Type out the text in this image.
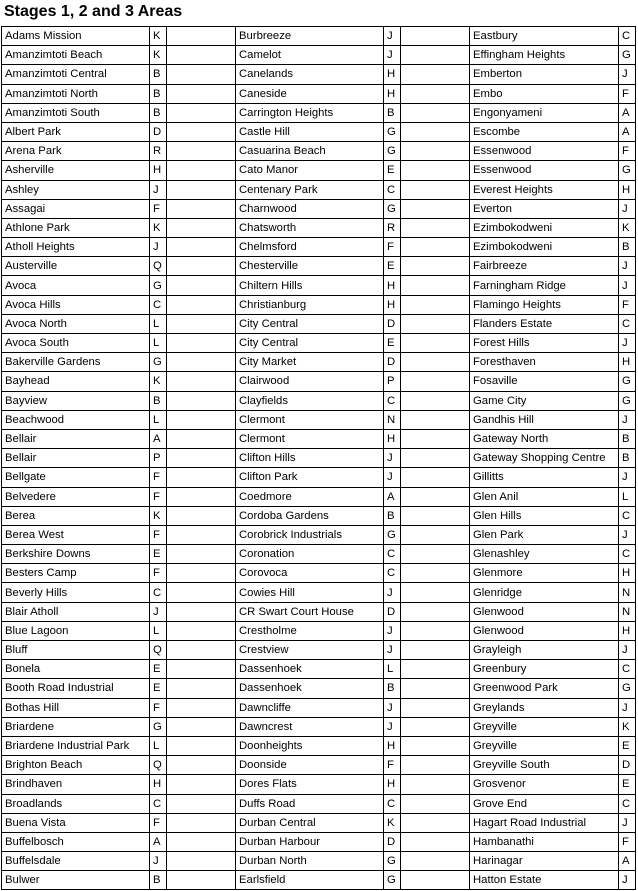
Stages 1, 2 and 3 Areas
Adams Mission	K		Burbreeze	J		Eastbury	C
Amanzimtoti Beach	K		Camelot	J		Effingham Heights	G
Amanzimtoti Central	B		Canelands	H		Emberton	J
Amanzimtoti North	B		Caneside	H		Embo	F
Amanzimtoti South	B		Carrington Heights	B		Engonyameni	A
Albert Park	D		Castle Hill	G		Escombe	A
Arena Park	R		Casuarina Beach	G		Essenwood	F
Asherville	H		Cato Manor	E		Essenwood	G
Ashley	J		Centenary Park	C		Everest Heights	H
Assagai	F		Charnwood	G		Everton	J
Athlone Park	K		Chatsworth	R		Ezimbokodweni	K
Atholl Heights	J		Chelmsford	F		Ezimbokodweni	B
Austerville	Q		Chesterville	E		Fairbreeze	J
Avoca	G		Chiltern Hills	H		Farningham Ridge	J
Avoca Hills	C		Christianburg	H		Flamingo Heights	F
Avoca North	L		City Central	D		Flanders Estate	C
Avoca South	L		City Central	E		Forest Hills	J
Bakerville Gardens	G		City Market	D		Foresthaven	H
Bayhead	K		Clairwood	P		Fosaville	G
Bayview	B		Clayfields	C		Game City	G
Beachwood	L		Clermont	N		Gandhis Hill	J
Bellair	A		Clermont	H		Gateway North	B
Bellair	P		Clifton Hills	J		Gateway Shopping Centre	B
Bellgate	F		Clifton Park	J		Gillitts	J
Belvedere	F		Coedmore	A		Glen Anil	L
Berea	K		Cordoba Gardens	B		Glen Hills	C
Berea West	F		Corobrick Industrials	G		Glen Park	J
Berkshire Downs	E		Coronation	C		Glenashley	C
Besters Camp	F		Corovoca	C		Glenmore	H
Beverly Hills	C		Cowies Hill	J		Glenridge	N
Blair Atholl	J		CR Swart Court House	D		Glenwood	N
Blue Lagoon	L		Crestholme	J		Glenwood	H
Bluff	Q		Crestview	J		Grayleigh	J
Bonela	E		Dassenhoek	L		Greenbury	C
Booth Road Industrial	E		Dassenhoek	B		Greenwood Park	G
Bothas Hill	F		Dawncliffe	J		Greylands	J
Briardene	G		Dawncrest	J		Greyville	K
Briardene Industrial Park	L		Doonheights	H		Greyville	E
Brighton Beach	Q		Doonside	F		Greyville South	D
Brindhaven	H		Dores Flats	H		Grosvenor	E
Broadlands	C		Duffs Road	C		Grove End	C
Buena Vista	F		Durban Central	K		Hagart Road Industrial	J
Buffelbosch	A		Durban Harbour	D		Hambanathi	F
Buffelsdale	J		Durban North	G		Harinagar	A
Bulwer	B		Earlsfield	G		Hatton Estate	J
